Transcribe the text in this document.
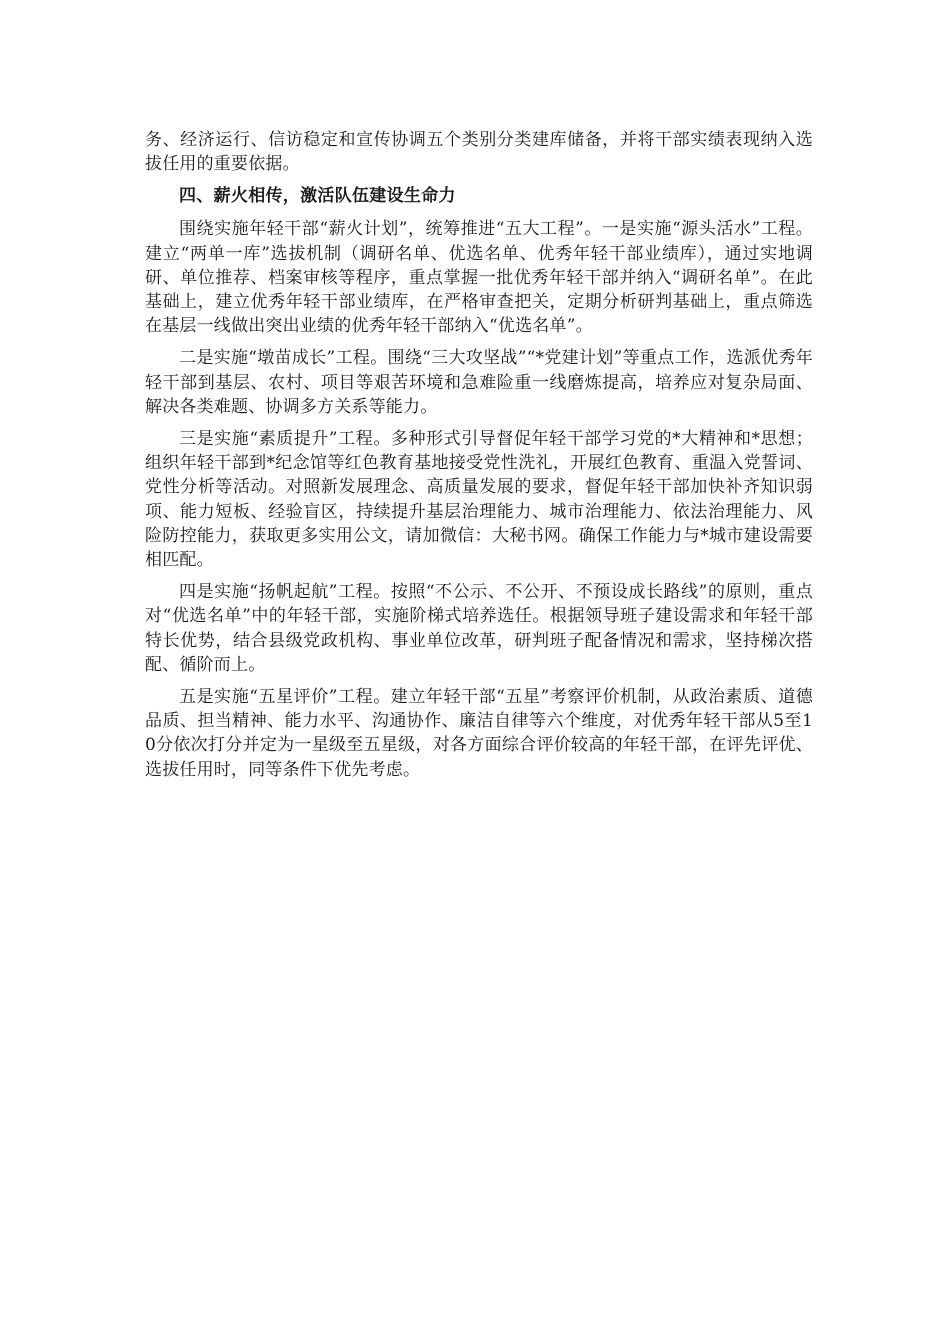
务、经济运行、信访稳定和宣传协调五个类别分类建库储备，并将干部实绩表现纳入选拔任用的重要依据。

四、薪火相传，激活队伍建设生命力

围绕实施年轻干部“薪火计划”，统筹推进“五大工程”。一是实施“源头活水”工程。建立“两单一库”选拔机制（调研名单、优选名单、优秀年轻干部业绩库），通过实地调研、单位推荐、档案审核等程序，重点掌握一批优秀年轻干部并纳入“调研名单”。在此基础上，建立优秀年轻干部业绩库，在严格审查把关，定期分析研判基础上，重点筛选在基层一线做出突出业绩的优秀年轻干部纳入“优选名单”。

二是实施“墩苗成长”工程。围绕“三大攻坚战”“*党建计划”等重点工作，选派优秀年轻干部到基层、农村、项目等艰苦环境和急难险重一线磨炼提高，培养应对复杂局面、解决各类难题、协调多方关系等能力。

三是实施“素质提升”工程。多种形式引导督促年轻干部学习党的*大精神和*思想；组织年轻干部到*纪念馆等红色教育基地接受党性洗礼，开展红色教育、重温入党誓词、党性分析等活动。对照新发展理念、高质量发展的要求，督促年轻干部加快补齐知识弱项、能力短板、经验盲区，持续提升基层治理能力、城市治理能力、依法治理能力、风险防控能力，获取更多实用公文，请加微信：大秘书网。确保工作能力与*城市建设需要相匹配。

四是实施“扬帆起航”工程。按照“不公示、不公开、不预设成长路线”的原则，重点对“优选名单”中的年轻干部，实施阶梯式培养选任。根据领导班子建设需求和年轻干部特长优势，结合县级党政机构、事业单位改革，研判班子配备情况和需求，坚持梯次搭配、循阶而上。

五是实施“五星评价”工程。建立年轻干部“五星”考察评价机制，从政治素质、道德品质、担当精神、能力水平、沟通协作、廉洁自律等六个维度，对优秀年轻干部从5至10分依次打分并定为一星级至五星级，对各方面综合评价较高的年轻干部，在评先评优、选拔任用时，同等条件下优先考虑。
